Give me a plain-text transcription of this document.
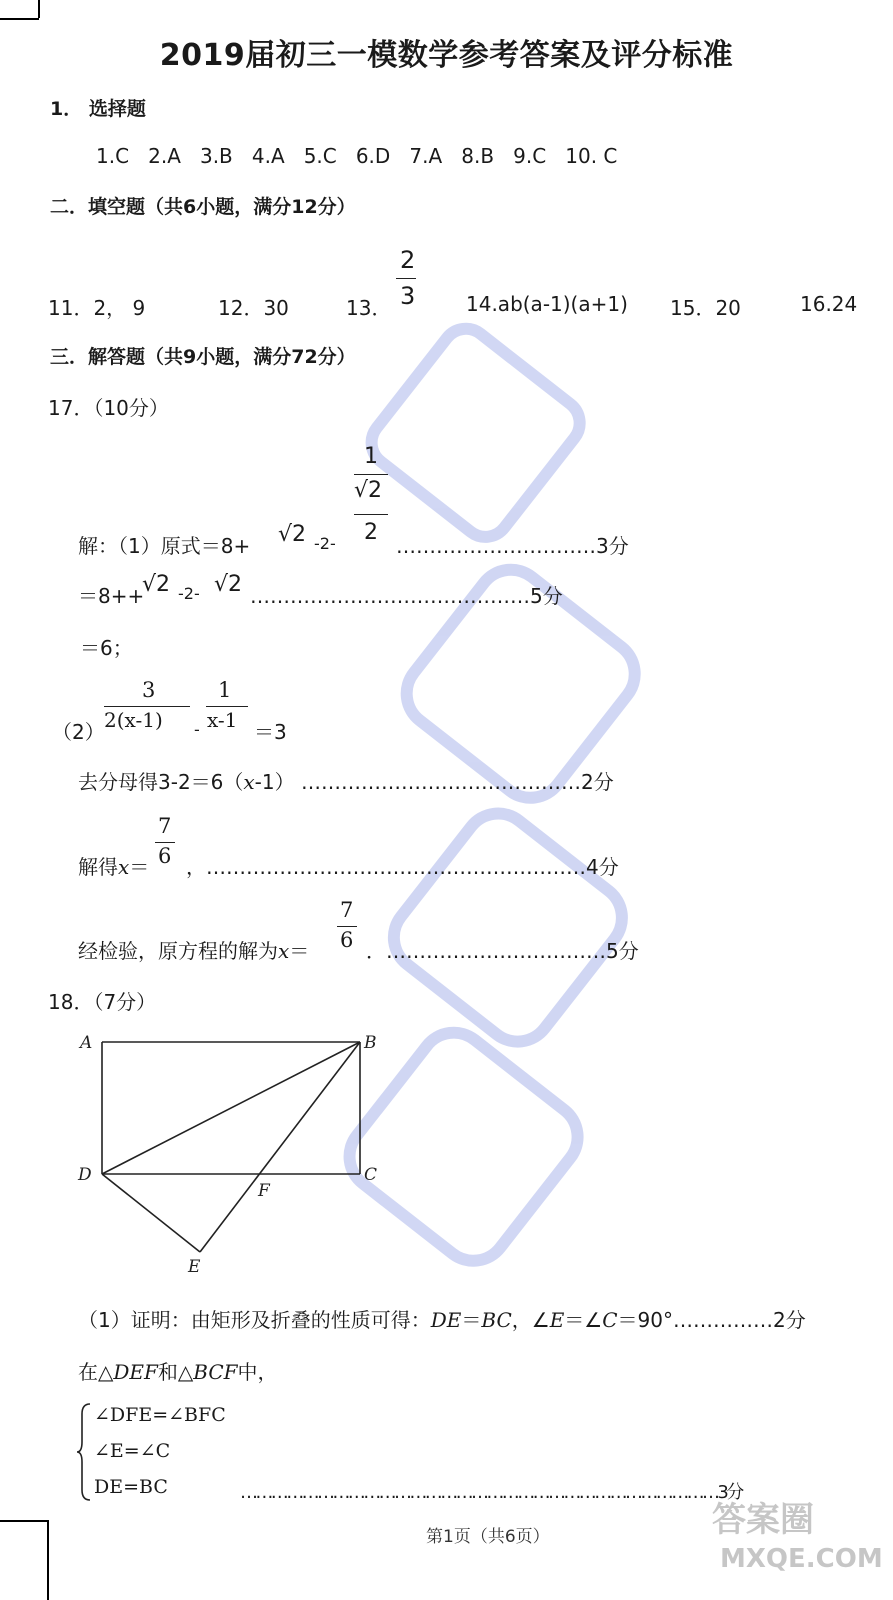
2019届初三一模数学参考答案及评分标准
1． 选择题
1.C 2.A 3.B 4.A 5.C 6.D 7.A 8.B 9.C 10. C
二．填空题（共6小题，满分12分）
11．2， 9	12．30	13．
2
3	14.ab(a-1)(a+1) 15．20	16.24
三．解答题（共9小题，满分72分）
17．（10分）
解：（1）原式＝8+ √2 -2-
1
√2
2
…………………………3分
＝8++
√2 -2- √2 ……………………………………5分
＝6；
（2）
3
2(x-1) -
1
x-1 ＝3
去分母得3-2＝6（x-1） ……………………………………2分
解得x＝
7
6 ，…………………………………………………4分
经检验，原方程的解为x＝
7
6 ．……………………………5分
18．（7分）
A	B
C
D
F
E
（1）证明：由矩形及折叠的性质可得：DE＝BC，∠E＝∠C＝90°……………2分
在△DEF和△BCF中，
∠DFE=∠BFC
∠E=∠C
DE=BC	…………………………………………………………………………………3分
第1页（共6页）	答案圈
MXQE.COM
